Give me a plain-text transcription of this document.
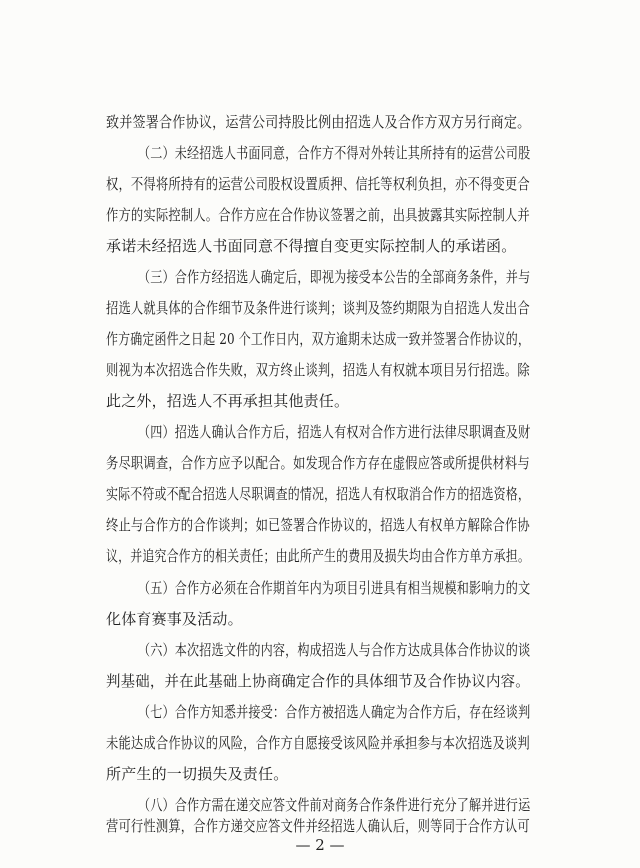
致并签署合作协议，运营公司持股比例由招选人及合作方双方另行商定。
（二）未经招选人书面同意，合作方不得对外转让其所持有的运营公司股
权，不得将所持有的运营公司股权设置质押、信托等权利负担，亦不得变更合
作方的实际控制人。合作方应在合作协议签署之前，出具披露其实际控制人并
承诺未经招选人书面同意不得擅自变更实际控制人的承诺函。
（三）合作方经招选人确定后，即视为接受本公告的全部商务条件，并与
招选人就具体的合作细节及条件进行谈判；谈判及签约期限为自招选人发出合
作方确定函件之日起 20 个工作日内，双方逾期未达成一致并签署合作协议的，
则视为本次招选合作失败，双方终止谈判，招选人有权就本项目另行招选。除
此之外，招选人不再承担其他责任。
（四）招选人确认合作方后，招选人有权对合作方进行法律尽职调查及财
务尽职调查，合作方应予以配合。如发现合作方存在虚假应答或所提供材料与
实际不符或不配合招选人尽职调查的情况，招选人有权取消合作方的招选资格，
终止与合作方的合作谈判；如已签署合作协议的，招选人有权单方解除合作协
议，并追究合作方的相关责任；由此所产生的费用及损失均由合作方单方承担。
（五）合作方必须在合作期首年内为项目引进具有相当规模和影响力的文
化体育赛事及活动。
（六）本次招选文件的内容，构成招选人与合作方达成具体合作协议的谈
判基础，并在此基础上协商确定合作的具体细节及合作协议内容。
（七）合作方知悉并接受：合作方被招选人确定为合作方后，存在经谈判
未能达成合作协议的风险，合作方自愿接受该风险并承担参与本次招选及谈判
所产生的一切损失及责任。
（八）合作方需在递交应答文件前对商务合作条件进行充分了解并进行运
营可行性测算，合作方递交应答文件并经招选人确认后，则等同于合作方认可
— 2 —
